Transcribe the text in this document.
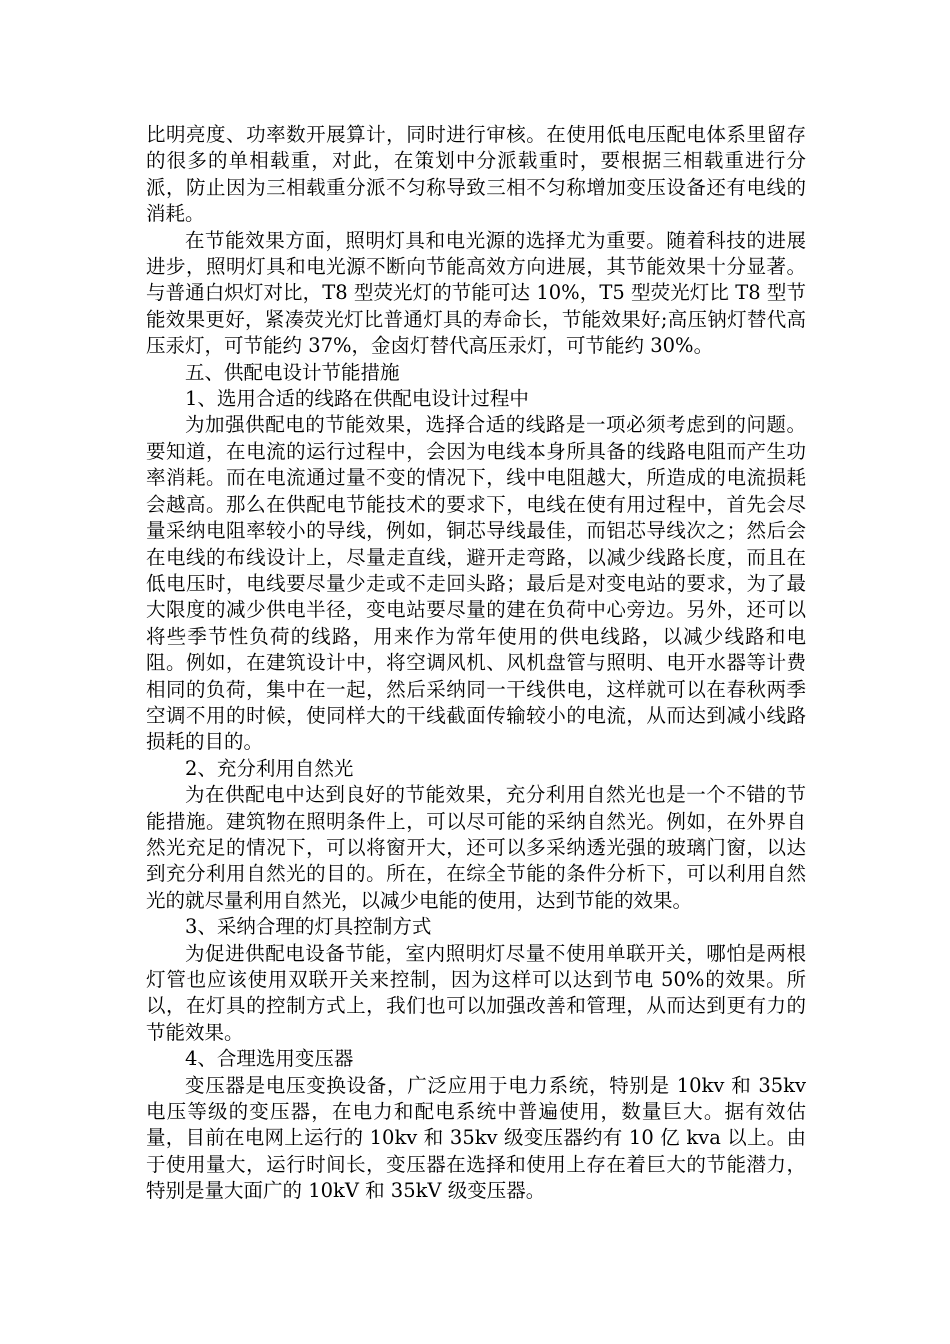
比明亮度、功率数开展算计，同时进行审核。在使用低电压配电体系里留存的很多的单相载重，对此，在策划中分派载重时，要根据三相载重进行分派，防止因为三相载重分派不匀称导致三相不匀称增加变压设备还有电线的消耗。

在节能效果方面，照明灯具和电光源的选择尤为重要。随着科技的进展进步，照明灯具和电光源不断向节能高效方向进展，其节能效果十分显著。与普通白炽灯对比，T8 型荧光灯的节能可达 10%，T5 型荧光灯比 T8 型节能效果更好，紧凑荧光灯比普通灯具的寿命长，节能效果好;高压钠灯替代高压汞灯，可节能约 37%，金卤灯替代高压汞灯，可节能约 30%。

五、供配电设计节能措施

1、选用合适的线路在供配电设计过程中

为加强供配电的节能效果，选择合适的线路是一项必须考虑到的问题。要知道，在电流的运行过程中，会因为电线本身所具备的线路电阻而产生功率消耗。而在电流通过量不变的情况下，线中电阻越大，所造成的电流损耗会越高。那么在供配电节能技术的要求下，电线在使有用过程中，首先会尽量采纳电阻率较小的导线，例如，铜芯导线最佳，而铝芯导线次之；然后会在电线的布线设计上，尽量走直线，避开走弯路，以减少线路长度，而且在低电压时，电线要尽量少走或不走回头路；最后是对变电站的要求，为了最大限度的减少供电半径，变电站要尽量的建在负荷中心旁边。另外，还可以将些季节性负荷的线路，用来作为常年使用的供电线路，以减少线路和电阻。例如，在建筑设计中，将空调风机、风机盘管与照明、电开水器等计费相同的负荷，集中在一起，然后采纳同一干线供电，这样就可以在春秋两季空调不用的时候，使同样大的干线截面传输较小的电流，从而达到减小线路损耗的目的。

2、充分利用自然光

为在供配电中达到良好的节能效果，充分利用自然光也是一个不错的节能措施。建筑物在照明条件上，可以尽可能的采纳自然光。例如，在外界自然光充足的情况下，可以将窗开大，还可以多采纳透光强的玻璃门窗，以达到充分利用自然光的目的。所在，在综全节能的条件分析下，可以利用自然光的就尽量利用自然光，以减少电能的使用，达到节能的效果。

3、采纳合理的灯具控制方式

为促进供配电设备节能，室内照明灯尽量不使用单联开关，哪怕是两根灯管也应该使用双联开关来控制，因为这样可以达到节电 50%的效果。所以，在灯具的控制方式上，我们也可以加强改善和管理，从而达到更有力的节能效果。

4、合理选用变压器

变压器是电压变换设备，广泛应用于电力系统，特别是 10kv 和 35kv 电压等级的变压器，在电力和配电系统中普遍使用，数量巨大。据有效估量，目前在电网上运行的 10kv 和 35kv 级变压器约有 10 亿 kva 以上。由于使用量大，运行时间长，变压器在选择和使用上存在着巨大的节能潜力，特别是量大面广的 10kV 和 35kV 级变压器。
